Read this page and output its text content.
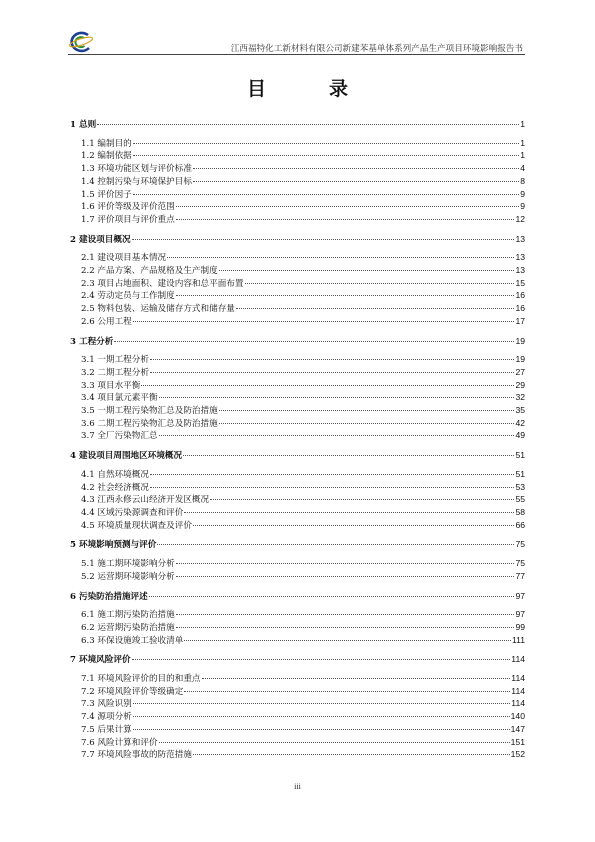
江西福特化工新材料有限公司新建苯基单体系列产品生产项目环境影响报告书
目　录
1 总则	1
1.1 编制目的	1
1.2 编制依据	1
1.3 环境功能区划与评价标准	4
1.4 控制污染与环境保护目标	8
1.5 评价因子	9
1.6 评价等级及评价范围	9
1.7 评价项目与评价重点	12
2 建设项目概况	13
2.1 建设项目基本情况	13
2.2 产品方案、产品规格及生产制度	13
2.3 项目占地面积、建设内容和总平面布置	15
2.4 劳动定员与工作制度	16
2.5 物料包装、运输及储存方式和储存量	16
2.6 公用工程	17
3 工程分析	19
3.1 一期工程分析	19
3.2 二期工程分析	27
3.3 项目水平衡	29
3.4 项目氯元素平衡	32
3.5 一期工程污染物汇总及防治措施	35
3.6 二期工程污染物汇总及防治措施	42
3.7 全厂污染物汇总	49
4 建设项目周围地区环境概况	51
4.1 自然环境概况	51
4.2 社会经济概况	53
4.3 江西永修云山经济开发区概况	55
4.4 区域污染源调查和评价	58
4.5 环境质量现状调查及评价	66
5 环境影响预测与评价	75
5.1 施工期环境影响分析	75
5.2 运营期环境影响分析	77
6 污染防治措施评述	97
6.1 施工期污染防治措施	97
6.2 运营期污染防治措施	99
6.3 环保设施竣工验收清单	111
7 环境风险评价	114
7.1 环境风险评价的目的和重点	114
7.2 环境风险评价等级确定	114
7.3 风险识别	114
7.4 源项分析	140
7.5 后果计算	147
7.6 风险计算和评价	151
7.7 环境风险事故的防范措施	152
iii
